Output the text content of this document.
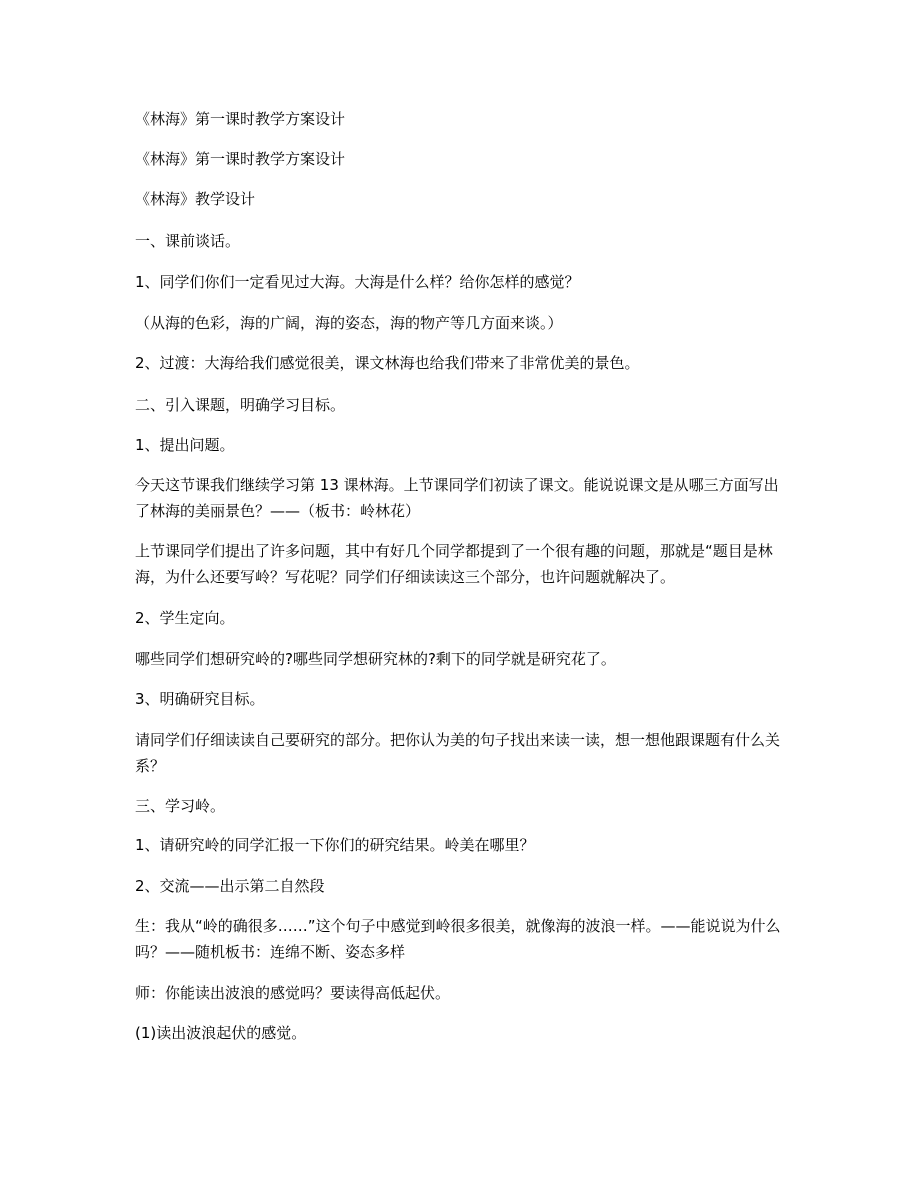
《林海》第一课时教学方案设计

《林海》第一课时教学方案设计

《林海》教学设计

一、课前谈话。

1、同学们你们一定看见过大海。大海是什么样？给你怎样的感觉？

（从海的色彩，海的广阔，海的姿态，海的物产等几方面来谈。）

2、过渡：大海给我们感觉很美，课文林海也给我们带来了非常优美的景色。

二、引入课题，明确学习目标。

1、提出问题。

今天这节课我们继续学习第 13 课林海。上节课同学们初读了课文。能说说课文是从哪三方面写出了林海的美丽景色？——（板书：岭林花）

上节课同学们提出了许多问题，其中有好几个同学都提到了一个很有趣的问题，那就是“题目是林海，为什么还要写岭？写花呢？同学们仔细读读这三个部分，也许问题就解决了。

2、学生定向。

哪些同学们想研究岭的?哪些同学想研究林的?剩下的同学就是研究花了。

3、明确研究目标。

请同学们仔细读读自己要研究的部分。把你认为美的句子找出来读一读，想一想他跟课题有什么关系？

三、学习岭。

1、请研究岭的同学汇报一下你们的研究结果。岭美在哪里？

2、交流——出示第二自然段

生：我从“岭的确很多……”这个句子中感觉到岭很多很美，就像海的波浪一样。——能说说为什么吗？——随机板书：连绵不断、姿态多样

师：你能读出波浪的感觉吗？要读得高低起伏。

(1)读出波浪起伏的感觉。
